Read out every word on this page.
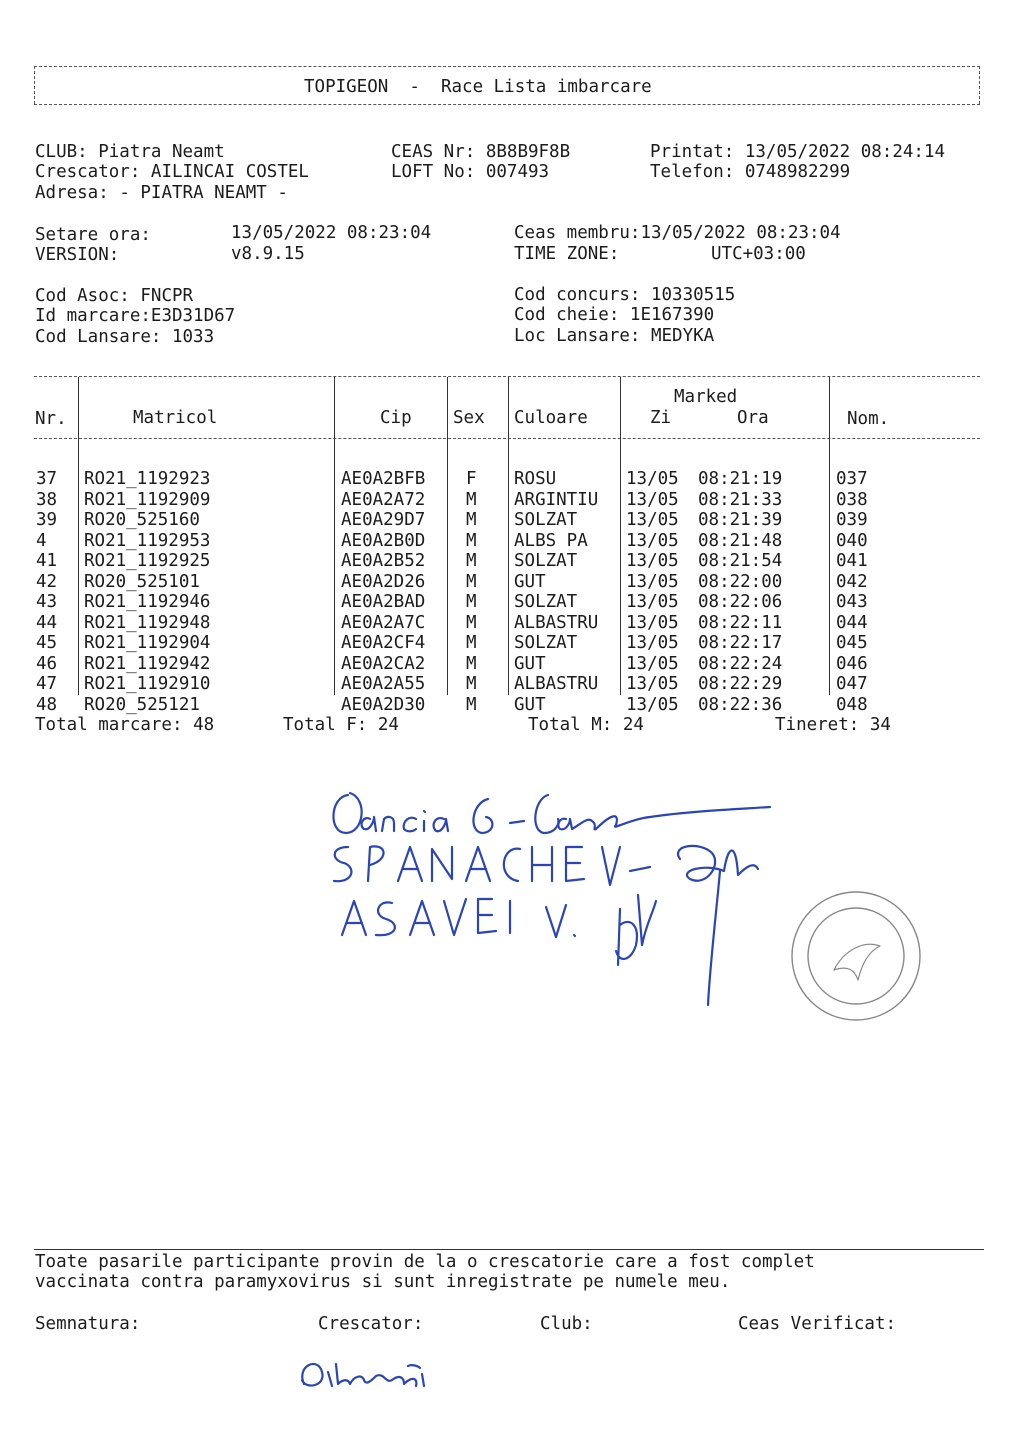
TOPIGEON  -  Race Lista imbarcare
CLUB: Piatra Neamt
Crescator: AILINCAI COSTEL
Adresa: - PIATRA NEAMT -
CEAS Nr: 8B8B9F8B
LOFT No: 007493
Printat: 13/05/2022 08:24:14
Telefon: 0748982299
Setare ora:	13/05/2022 08:23:04
VERSION:	v8.9.15
Ceas membru:13/05/2022 08:23:04
TIME ZONE:	UTC+03:00
Cod Asoc: FNCPR
Id marcare:E3D31D67
Cod Lansare: 1033
Cod concurs: 10330515
Cod cheie: 1E167390
Loc Lansare: MEDYKA
Marked
Nr.	Matricol	Cip Sex Culoare	Zi	Ora	Nom.

37 RO21_1192923	AE0A2BFB F ROSU	13/05 08:21:19	037

38 RO21_1192909	AE0A2A72 M ARGINTIU 13/05 08:21:33	038

39 RO20_525160	AE0A29D7 M SOLZAT	13/05 08:21:39	039

4 RO21_1192953	AE0A2B0D M ALBS PA 13/05 08:21:48	040

41 RO21_1192925	AE0A2B52 M SOLZAT	13/05 08:21:54	041

42 RO20_525101	AE0A2D26 M GUT	13/05 08:22:00	042

43 RO21_1192946	AE0A2BAD M SOLZAT	13/05 08:22:06	043

44 RO21_1192948	AE0A2A7C M ALBASTRU 13/05 08:22:11	044

45 RO21_1192904	AE0A2CF4 M SOLZAT	13/05 08:22:17	045

46 RO21_1192942	AE0A2CA2 M GUT	13/05 08:22:24	046

47 RO21_1192910	AE0A2A55 M ALBASTRU 13/05 08:22:29	047

48 RO20_525121	AE0A2D30 M GUT	13/05 08:22:36	048

Total marcare: 48	Total F: 24	Total M: 24	Tineret: 34
Toate pasarile participante provin de la o crescatorie care a fost complet
vaccinata contra paramyxovirus si sunt inregistrate pe numele meu.
Semnatura:	Crescator:	Club:	Ceas Verificat:
